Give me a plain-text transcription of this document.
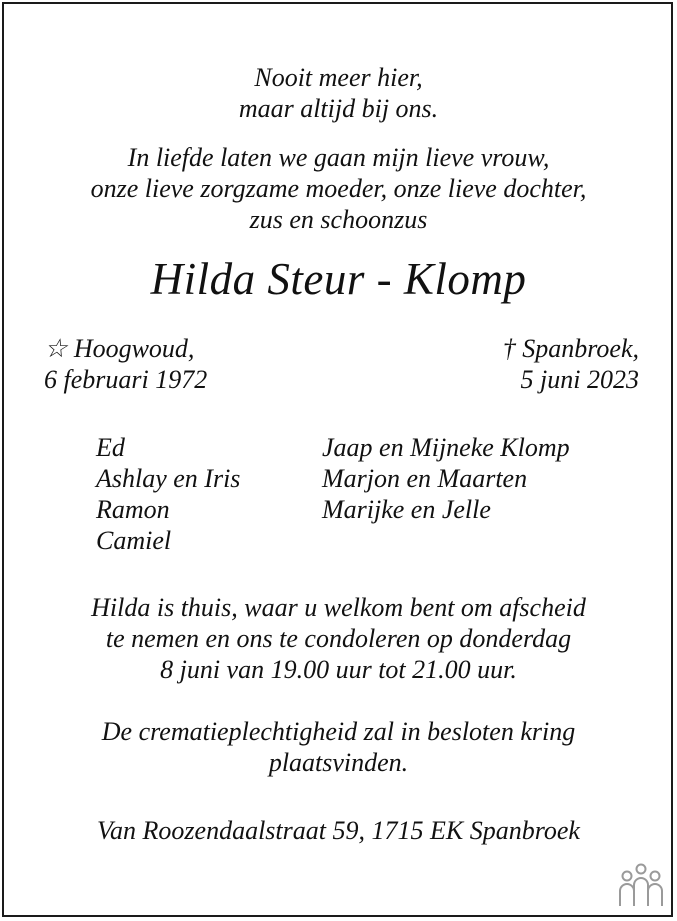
Nooit meer hier,
maar altijd bij ons.
In liefde laten we gaan mijn lieve vrouw,
onze lieve zorgzame moeder, onze lieve dochter,
zus en schoonzus
Hilda Steur - Klomp
☆ Hoogwoud,
6 februari 1972
† Spanbroek,
5 juni 2023
Ed
Ashlay en Iris
Ramon
Camiel
Jaap en Mijneke Klomp
Marjon en Maarten
Marijke en Jelle
Hilda is thuis, waar u welkom bent om afscheid
te nemen en ons te condoleren op donderdag
8 juni van 19.00 uur tot 21.00 uur.
De crematieplechtigheid zal in besloten kring
plaatsvinden.
Van Roozendaalstraat 59, 1715 EK Spanbroek
